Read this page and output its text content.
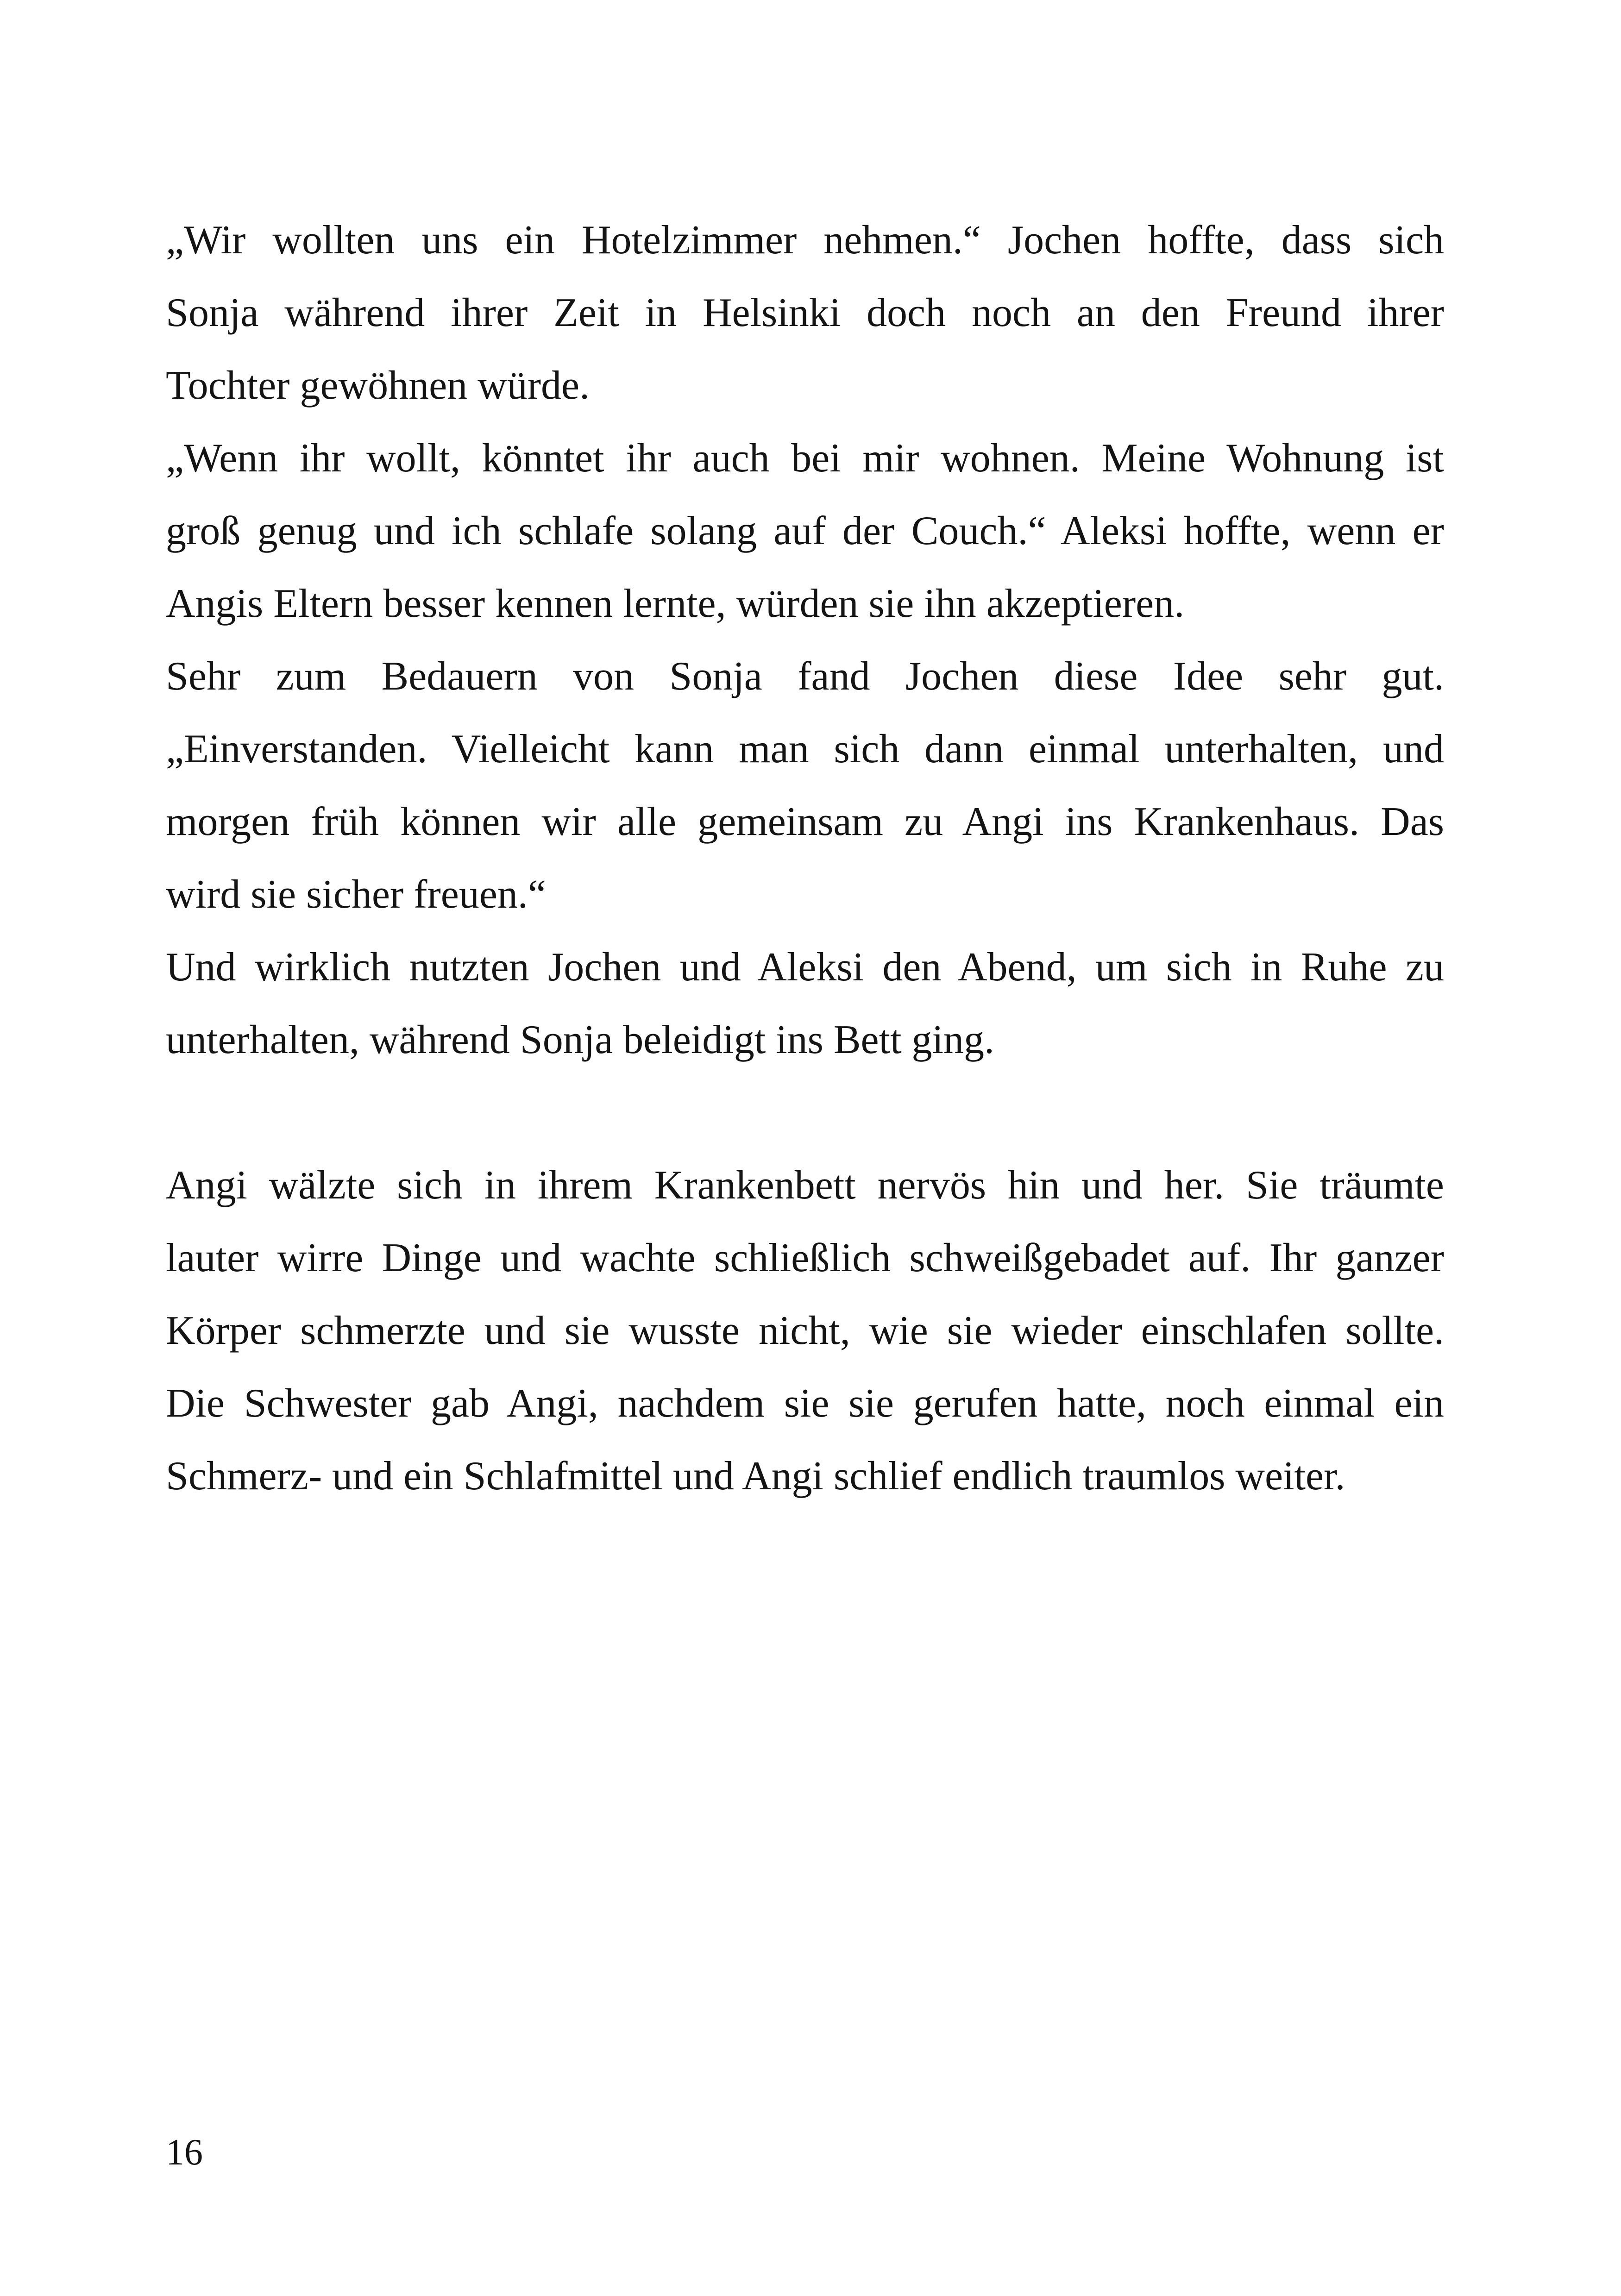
„Wir wollten uns ein Hotelzimmer nehmen.“ Jochen hoffte, dass sich
Sonja während ihrer Zeit in Helsinki doch noch an den Freund ihrer
Tochter gewöhnen würde.
„Wenn ihr wollt, könntet ihr auch bei mir wohnen. Meine Wohnung ist
groß genug und ich schlafe solang auf der Couch.“ Aleksi hoffte, wenn er
Angis Eltern besser kennen lernte, würden sie ihn akzeptieren.
Sehr zum Bedauern von Sonja fand Jochen diese Idee sehr gut.
„Einverstanden. Vielleicht kann man sich dann einmal unterhalten, und
morgen früh können wir alle gemeinsam zu Angi ins Krankenhaus. Das
wird sie sicher freuen.“
Und wirklich nutzten Jochen und Aleksi den Abend, um sich in Ruhe zu
unterhalten, während Sonja beleidigt ins Bett ging.
Angi wälzte sich in ihrem Krankenbett nervös hin und her. Sie träumte
lauter wirre Dinge und wachte schließlich schweißgebadet auf. Ihr ganzer
Körper schmerzte und sie wusste nicht, wie sie wieder einschlafen sollte.
Die Schwester gab Angi, nachdem sie sie gerufen hatte, noch einmal ein
Schmerz- und ein Schlafmittel und Angi schlief endlich traumlos weiter.
16
